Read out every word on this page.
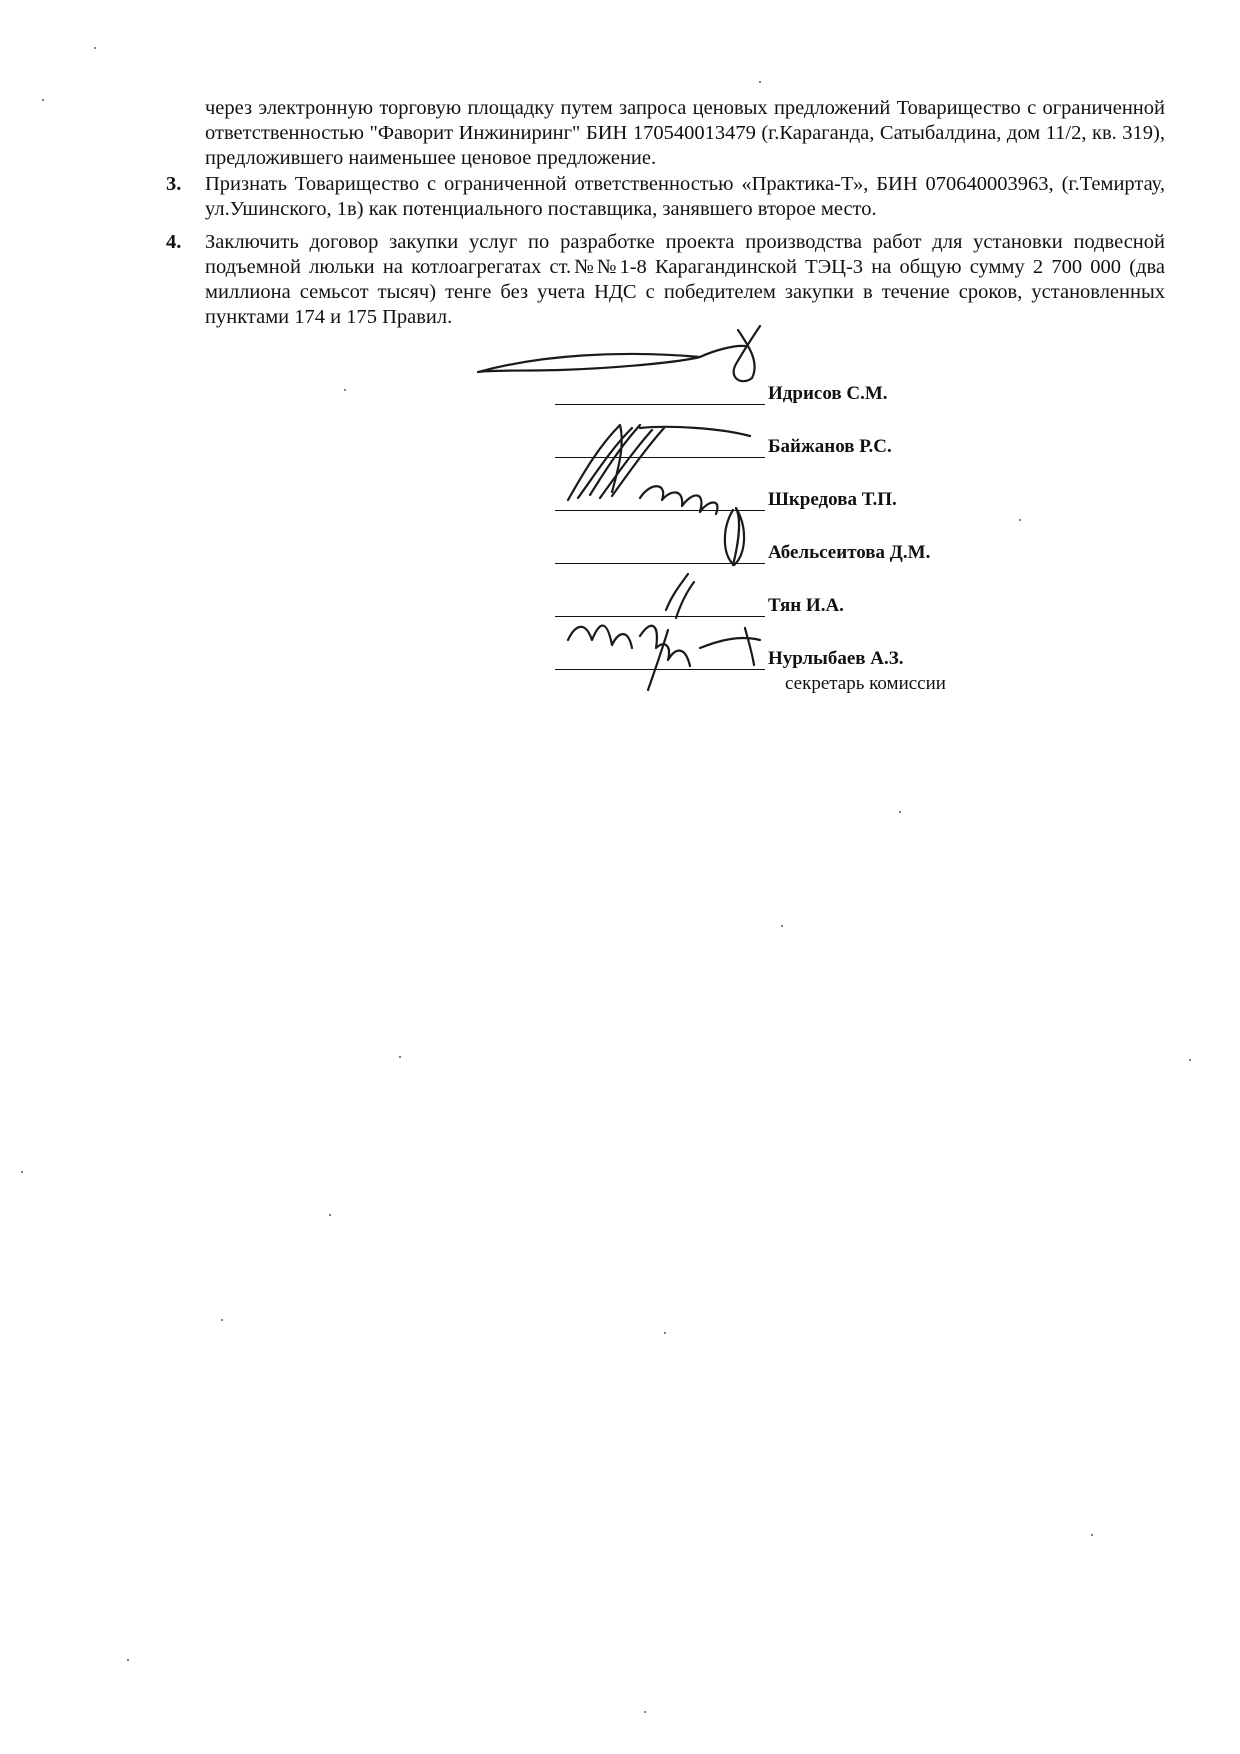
через электронную торговую площадку путем запроса ценовых предложений Товарищество с ограниченной ответственностью "Фаворит Инжиниринг" БИН 170540013479 (г.Караганда, Сатыбалдина, дом 11/2, кв. 319), предложившего наименьшее ценовое предложение.
3. Признать Товарищество с ограниченной ответственностью «Практика-Т», БИН 070640003963, (г.Темиртау, ул.Ушинского, 1в) как потенциального поставщика, занявшего второе место.
4. Заключить договор закупки услуг по разработке проекта производства работ для установки подвесной подъемной люльки на котлоагрегатах ст.№№1-8 Карагандинской ТЭЦ-3 на общую сумму 2 700 000 (два миллиона семьсот тысяч) тенге без учета НДС с победителем закупки в течение сроков, установленных пунктами 174 и 175 Правил.
Идрисов С.М.
Байжанов Р.С.
Шкредова Т.П.
Абельсеитова Д.М.
Тян И.А.
Нурлыбаев А.З.
секретарь комиссии
